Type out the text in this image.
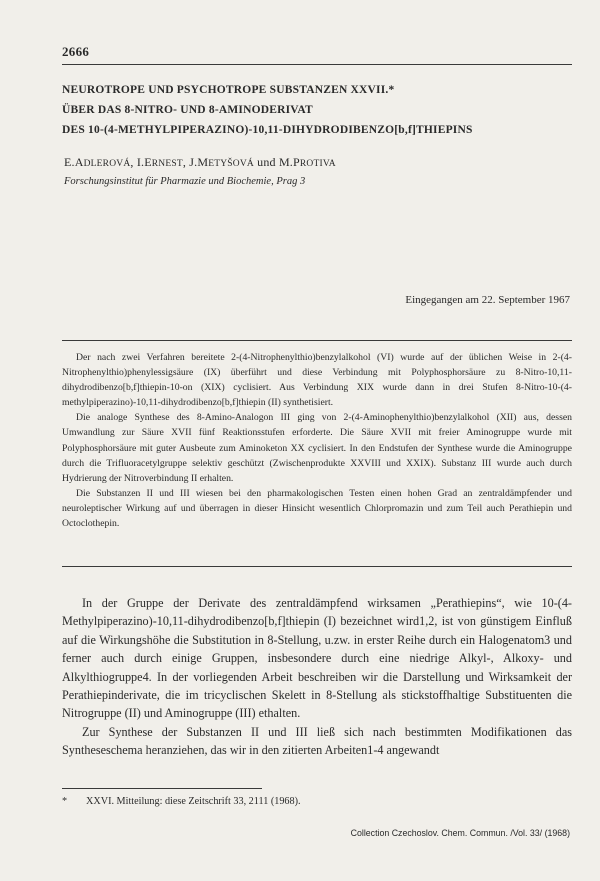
2666
NEUROTROPE UND PSYCHOTROPE SUBSTANZEN XXVII.*
ÜBER DAS 8-NITRO- UND 8-AMINODERIVAT
DES 10-(4-METHYLPIPERAZINO)-10,11-DIHYDRODIBENZO[b,f]THIEPINS
E.ADLEROVÁ, I.ERNEST, J.METYŠOVÁ und M.PROTIVA
Forschungsinstitut für Pharmazie und Biochemie, Prag 3
Eingegangen am 22. September 1967

Der nach zwei Verfahren bereitete 2-(4-Nitrophenylthio)benzylalkohol (VI) wurde auf der üblichen Weise in 2-(4-Nitrophenylthio)phenylessigsäure (IX) überführt und diese Verbindung mit Polyphosphorsäure zu 8-Nitro-10,11-dihydrodibenzo[b,f]thiepin-10-on (XIX) cyclisiert. Aus Verbindung XIX wurde dann in drei Stufen 8-Nitro-10-(4-methylpiperazino)-10,11-dihydrodibenzo[b,f]thiepin (II) synthetisiert.

Die analoge Synthese des 8-Amino-Analogon III ging von 2-(4-Aminophenylthio)benzylalkohol (XII) aus, dessen Umwandlung zur Säure XVII fünf Reaktionsstufen erforderte. Die Säure XVII mit freier Aminogruppe wurde mit Polyphosphorsäure mit guter Ausbeute zum Aminoketon XX cyclisiert. In den Endstufen der Synthese wurde die Aminogruppe durch die Trifluoracetylgruppe selektiv geschützt (Zwischenprodukte XXVIII und XXIX). Substanz III wurde auch durch Hydrierung der Nitroverbindung II erhalten.

Die Substanzen II und III wiesen bei den pharmakologischen Testen einen hohen Grad an zentraldämpfender und neuroleptischer Wirkung auf und überragen in dieser Hinsicht wesentlich Chlorpromazin und zum Teil auch Perathiepin und Octoclothepin.

In der Gruppe der Derivate des zentraldämpfend wirksamen „Perathiepins“, wie 10-(4-Methylpiperazino)-10,11-dihydrodibenzo[b,f]thiepin (I) bezeichnet wird1,2, ist von günstigem Einfluß auf die Wirkungshöhe die Substitution in 8-Stellung, u.zw. in erster Reihe durch ein Halogenatom3 und ferner auch durch einige Gruppen, insbesondere durch eine niedrige Alkyl-, Alkoxy- und Alkylthiogruppe4. In der vorliegenden Arbeit beschreiben wir die Darstellung und Wirksamkeit der Perathiepinderivate, die im tricyclischen Skelett in 8-Stellung als stickstoffhaltige Substituenten die Nitrogruppe (II) und Aminogruppe (III) ethalten.

Zur Synthese der Substanzen II und III ließ sich nach bestimmten Modifikationen das Syntheseschema heranziehen, das wir in den zitierten Arbeiten1-4 angewandt

* XXVI. Mitteilung: diese Zeitschrift 33, 2111 (1968).
Collection Czechoslov. Chem. Commun. /Vol. 33/ (1968)
